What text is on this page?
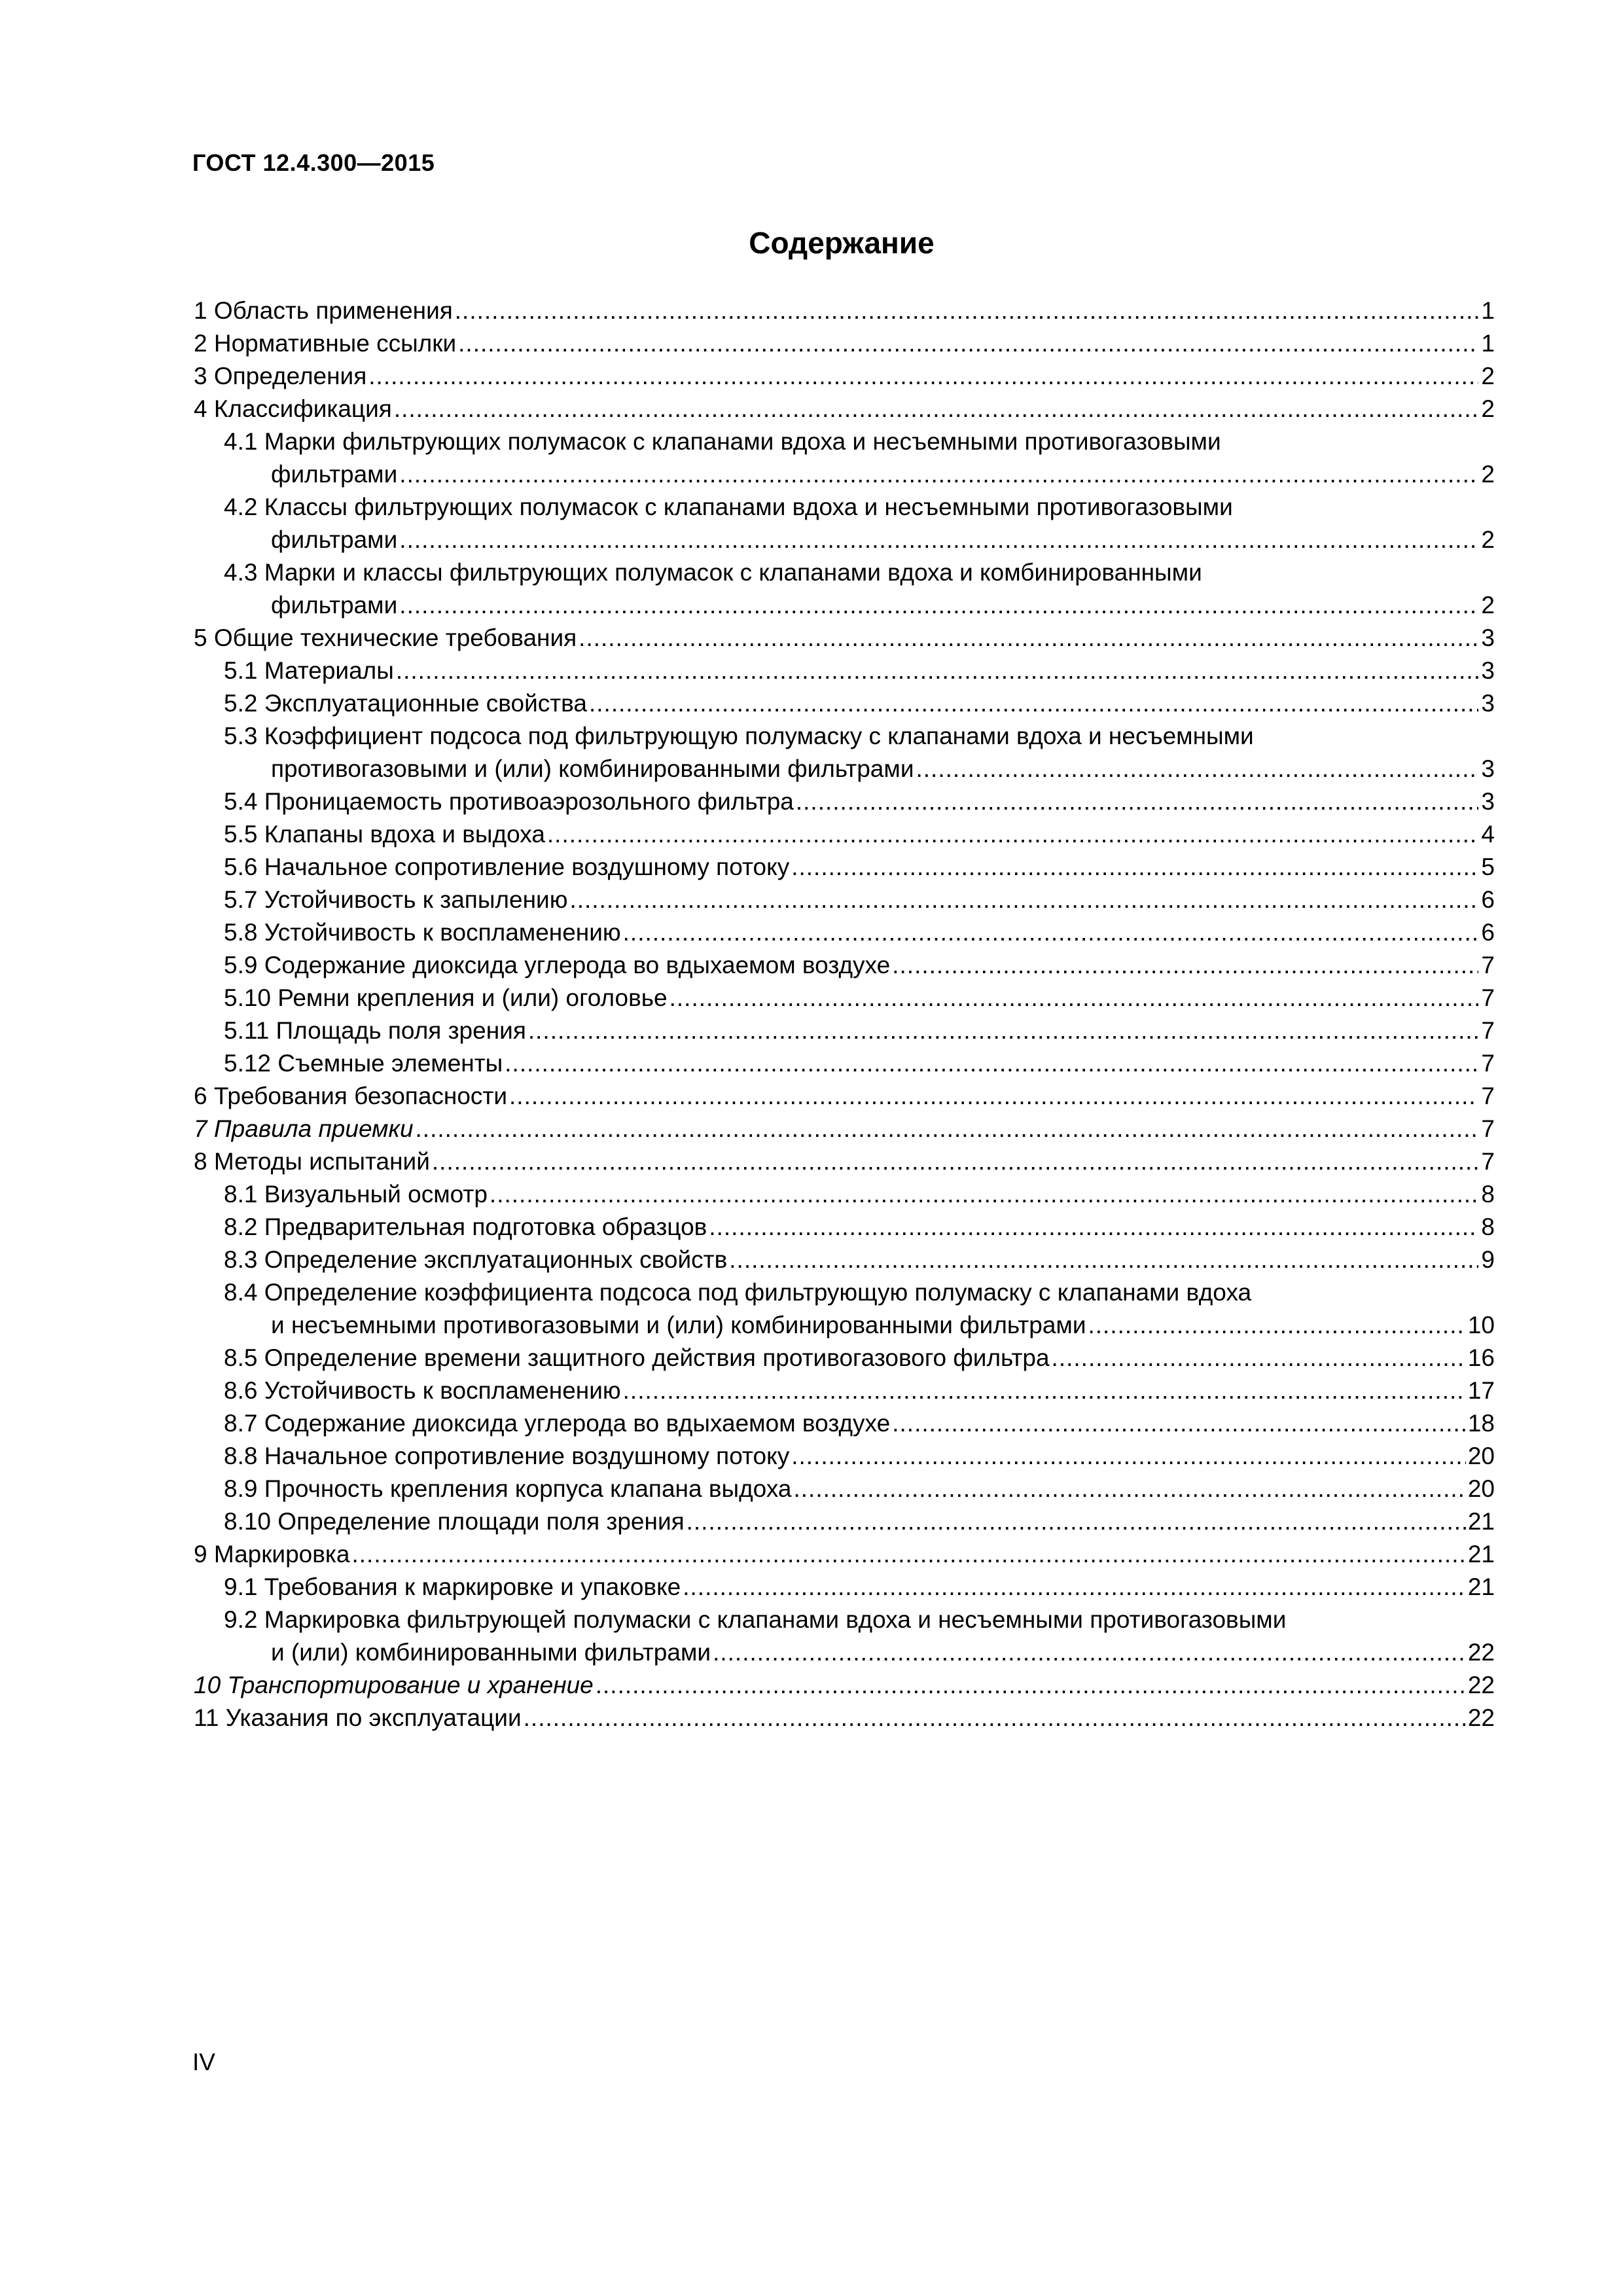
ГОСТ 12.4.300—2015
Содержание
1 Область применения .....	1
2 Нормативные ссылки .....	1
3 Определения .....	2
4 Классификация .....	2
4.1 Марки фильтрующих полумасок с клапанами вдоха и несъемными противогазовыми
фильтрами .....	2
4.2 Классы фильтрующих полумасок с клапанами вдоха и несъемными противогазовыми
фильтрами .....	2
4.3 Марки и классы фильтрующих полумасок с клапанами вдоха и комбинированными
фильтрами .....	2
5 Общие технические требования .....	3
5.1 Материалы .....	3
5.2 Эксплуатационные свойства .....	3
5.3 Коэффициент подсоса под фильтрующую полумаску с клапанами вдоха и несъемными
противогазовыми и (или) комбинированными фильтрами .....	3
5.4 Проницаемость противоаэрозольного фильтра .....	3
5.5 Клапаны вдоха и выдоха .....	4
5.6 Начальное сопротивление воздушному потоку .....	5
5.7 Устойчивость к запылению .....	6
5.8 Устойчивость к воспламенению .....	6
5.9 Содержание диоксида углерода во вдыхаемом воздухе .....	7
5.10 Ремни крепления и (или) оголовье .....	7
5.11 Площадь поля зрения .....	7
5.12 Съемные элементы .....	7
6 Требования безопасности .....	7
7 Правила приемки .....	7
8 Методы испытаний .....	7
8.1 Визуальный осмотр .....	8
8.2 Предварительная подготовка образцов .....	8
8.3 Определение эксплуатационных свойств .....	9
8.4 Определение коэффициента подсоса под фильтрующую полумаску с клапанами вдоха
и несъемными противогазовыми и (или) комбинированными фильтрами .....	10
8.5 Определение времени защитного действия противогазового фильтра .....	16
8.6 Устойчивость к воспламенению .....	17
8.7 Содержание диоксида углерода во вдыхаемом воздухе .....	18
8.8 Начальное сопротивление воздушному потоку .....	20
8.9 Прочность крепления корпуса клапана выдоха .....	20
8.10 Определение площади поля зрения .....	21
9 Маркировка .....	21
9.1 Требования к маркировке и упаковке .....	21
9.2 Маркировка фильтрующей полумаски с клапанами вдоха и несъемными противогазовыми
и (или) комбинированными фильтрами .....	22
10 Транспортирование и хранение .....	22
11 Указания по эксплуатации .....	22
IV
